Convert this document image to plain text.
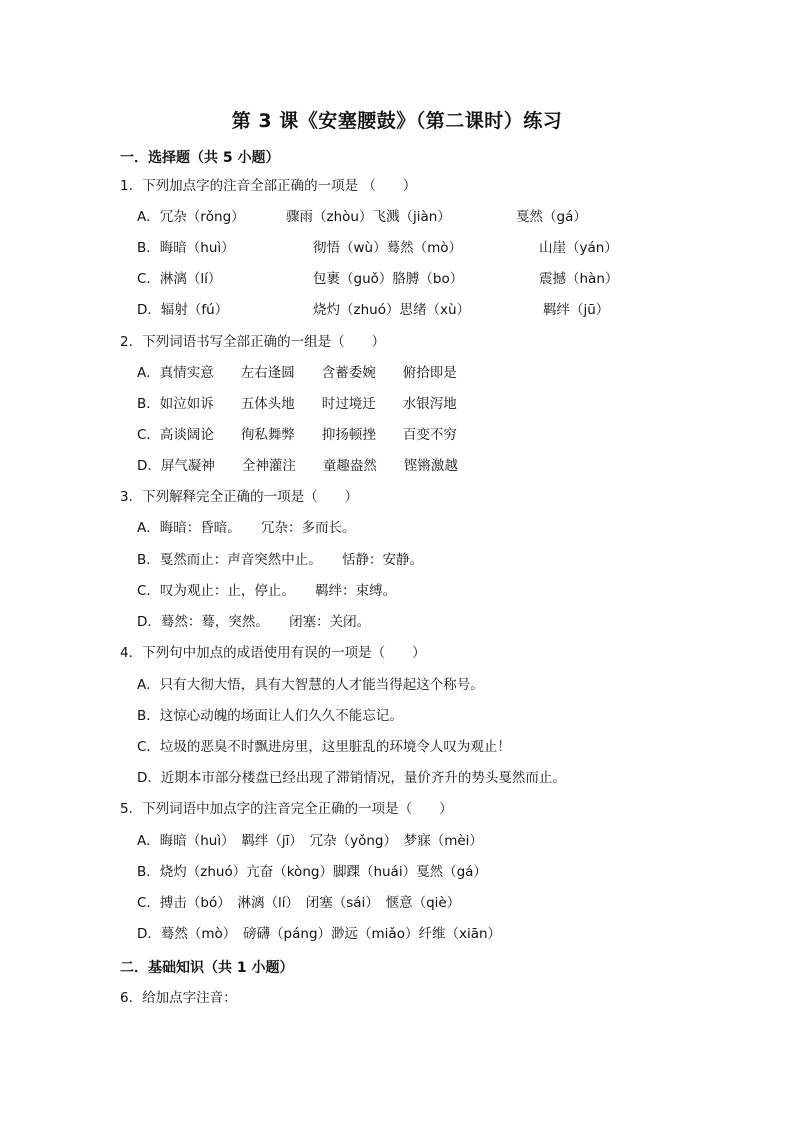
第 3 课《安塞腰鼓》（第二课时）练习
一．选择题（共 5 小题）
1．下列加点字的注音全部正确的一项是 （　　）
A．冗杂（rǒng）	骤雨（zhòu）飞溅（jiàn）	戛然（gá）
B．晦暗（huì）	彻悟（wù）蓦然（mò）	山崖（yán）
C．淋漓（lí）	包裹（guǒ）胳膊（bo）	震撼（hàn）
D．辐射（fú）	烧灼（zhuó）思绪（xù）	羁绊（jū）
2．下列词语书写全部正确的一组是（　　）
A．真情实意　　左右逢圆　　含蓄委婉　　俯拾即是
B．如泣如诉　　五体头地　　时过境迁　　水银泻地
C．高谈阔论　　徇私舞弊　　抑扬顿挫　　百变不穷
D．屏气凝神　　全神灌注　　童趣盎然　　铿锵激越
3．下列解释完全正确的一项是（　　）
A．晦暗：昏暗。　　冗杂：多而长。
B．戛然而止：声音突然中止。　　恬静：安静。
C．叹为观止：止，停止。　　羁绊：束缚。
D．蓦然：蓦，突然。　　闭塞：关闭。
4．下列句中加点的成语使用有误的一项是（　　）
A．只有大彻大悟，具有大智慧的人才能当得起这个称号。
B．这惊心动魄的场面让人们久久不能忘记。
C．垃圾的恶臭不时飘进房里，这里脏乱的环境令人叹为观止！
D．近期本市部分楼盘已经出现了滞销情况，量价齐升的势头戛然而止。
5．下列词语中加点字的注音完全正确的一项是（　　）
A．晦暗（huì）　羁绊（jī）　冗杂（yǒng）　梦寐（mèi）
B．烧灼（zhuó）亢奋（kòng）脚踝（huái）戛然（gá）
C．搏击（bó）　淋漓（lí）　闭塞（sái）　惬意（qiè）
D．蓦然（mò）　磅礴（páng）渺远（miǎo）纤维（xiān）
二．基础知识（共 1 小题）
6．给加点字注音：
